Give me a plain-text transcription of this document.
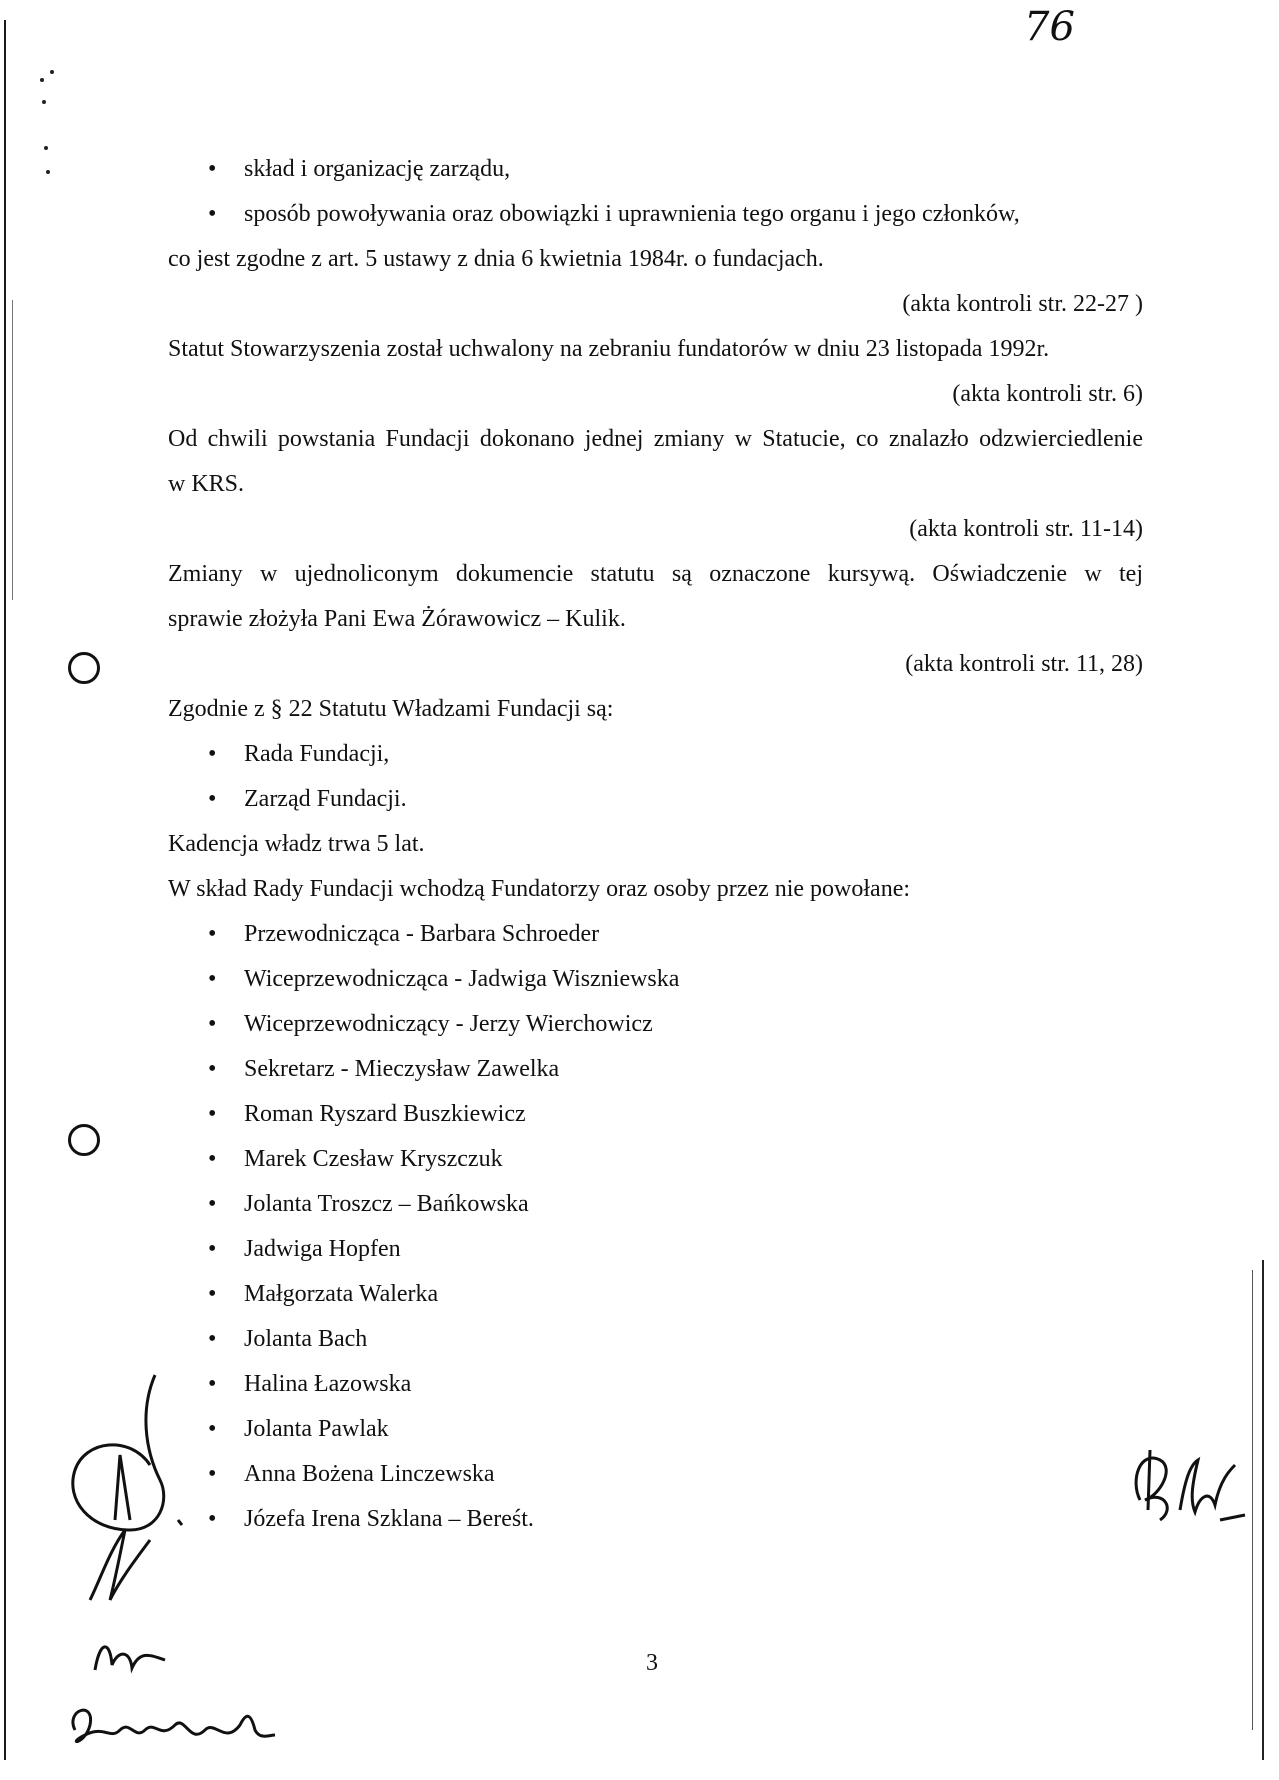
76
• skład i organizację zarządu,
• sposób powoływania oraz obowiązki i uprawnienia tego organu i jego członków,
co jest zgodne z art. 5 ustawy z dnia 6 kwietnia 1984r. o fundacjach.
(akta kontroli str. 22-27 )
Statut Stowarzyszenia został uchwalony na zebraniu fundatorów w dniu 23 listopada 1992r.
(akta kontroli str. 6)
Od chwili powstania Fundacji dokonano jednej zmiany w Statucie, co znalazło odzwierciedlenie
w KRS.
(akta kontroli str. 11-14)
Zmiany w ujednoliconym dokumencie statutu są oznaczone kursywą. Oświadczenie w tej
sprawie złożyła Pani Ewa Żórawowicz – Kulik.
(akta kontroli str. 11, 28)
Zgodnie z § 22 Statutu Władzami Fundacji są:
• Rada Fundacji,
• Zarząd Fundacji.
Kadencja władz trwa 5 lat.
W skład Rady Fundacji wchodzą Fundatorzy oraz osoby przez nie powołane:
• Przewodnicząca - Barbara Schroeder
• Wiceprzewodnicząca - Jadwiga Wiszniewska
• Wiceprzewodniczący - Jerzy Wierchowicz
• Sekretarz - Mieczysław Zawelka
• Roman Ryszard Buszkiewicz
• Marek Czesław Kryszczuk
• Jolanta Troszcz – Bańkowska
• Jadwiga Hopfen
• Małgorzata Walerka
• Jolanta Bach
• Halina Łazowska
• Jolanta Pawlak
• Anna Bożena Linczewska
• Józefa Irena Szklana – Bereśt.
3
